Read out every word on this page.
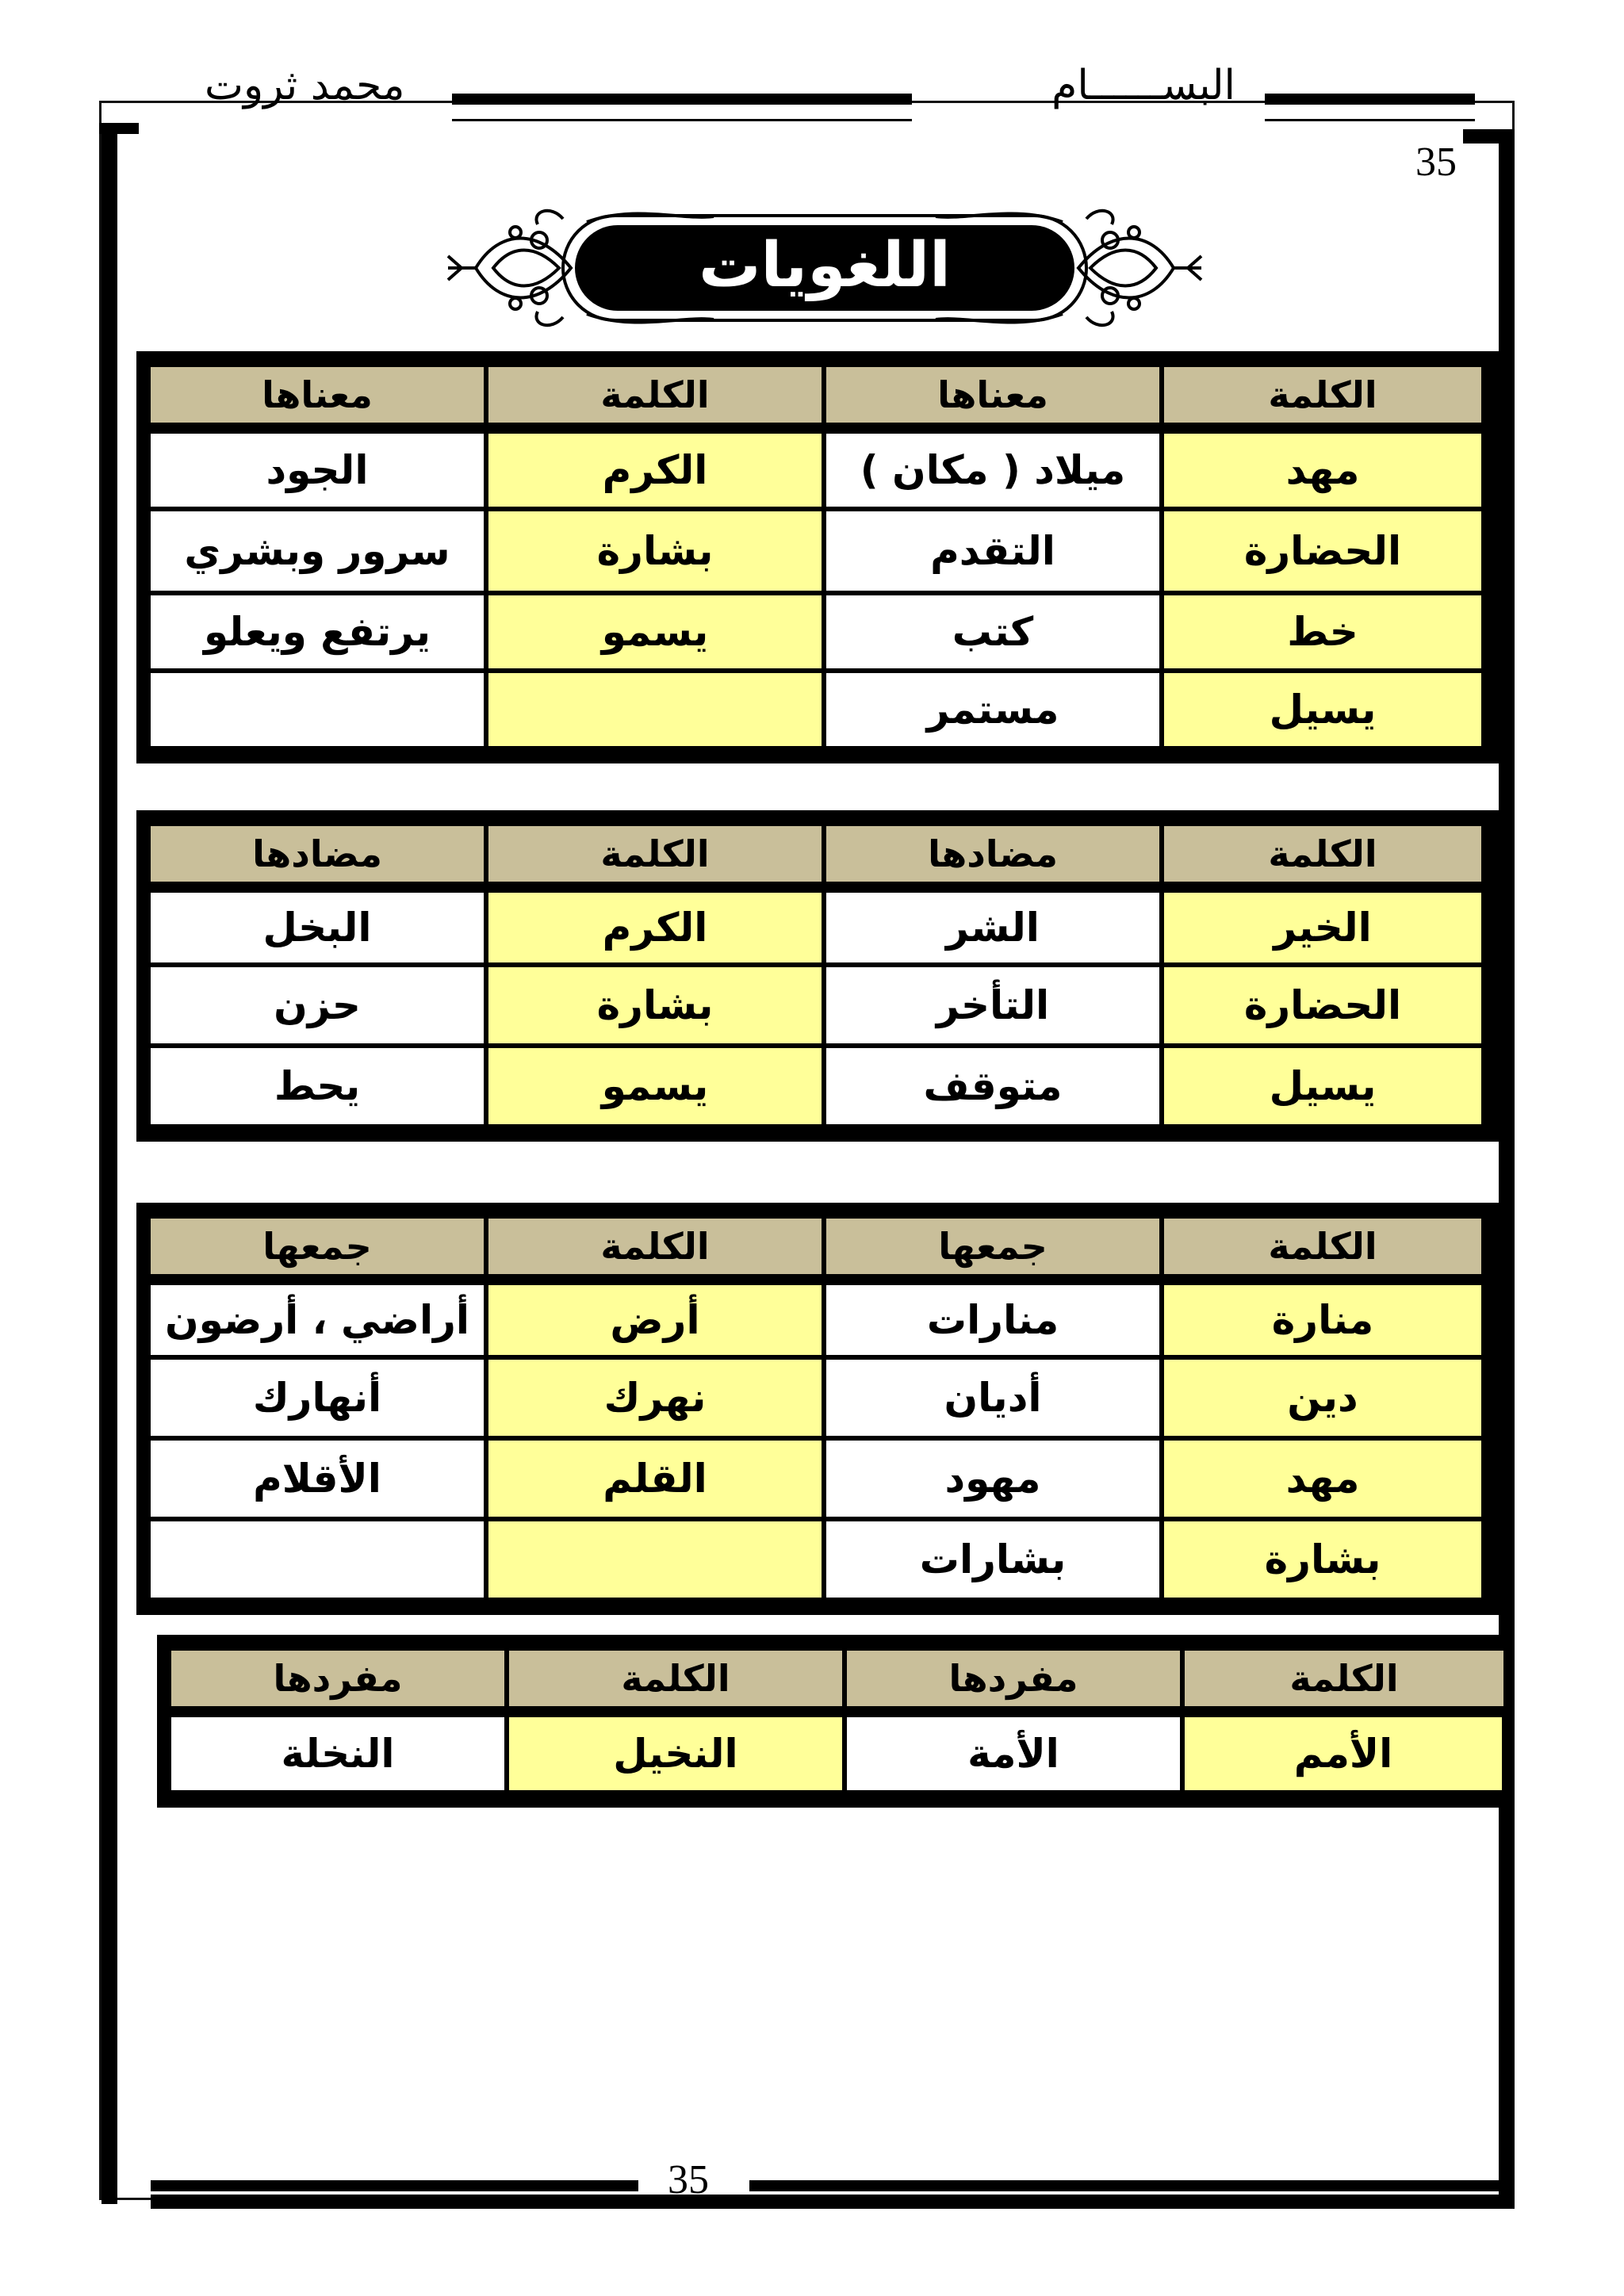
البســــــام
محمد ثروت
35
اللغويات
الكلمة
معناها
الكلمة
معناها
مهد
ميلاد ( مكان )
الكرم
الجود
الحضارة
التقدم
بشارة
سرور وبشري
خط
كتب
يسمو
يرتفع ويعلو
يسيل
مستمر
الكلمة
مضادها
الكلمة
مضادها
الخير
الشر
الكرم
البخل
الحضارة
التأخر
بشارة
حزن
يسيل
متوقف
يسمو
يحط
الكلمة
جمعها
الكلمة
جمعها
منارة
منارات
أرض
أراضي ، أرضون
دين
أديان
نهرك
أنهارك
مهد
مهود
القلم
الأقلام
بشارة
بشارات
الكلمة
مفردها
الكلمة
مفردها
الأمم
الأمة
النخيل
النخلة
35
